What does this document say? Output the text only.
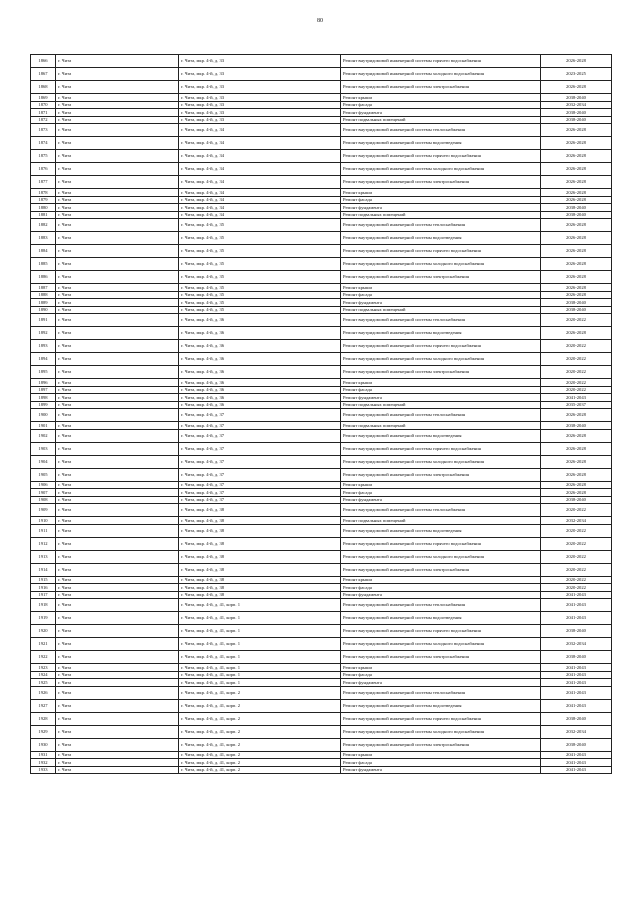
80
1866	г. Чита	г. Чита, мкр. 4-й, д. 33	Ремонт внутридомовой инженерной системы горячего водоснабжения	2026-2028
1867	г. Чита	г. Чита, мкр. 4-й, д. 33	Ремонт внутридомовой инженерной системы холодного водоснабжения	2023-2025
1868	г. Чита	г. Чита, мкр. 4-й, д. 33	Ремонт внутридомовой инженерной системы электроснабжения	2026-2028
1869	г. Чита	г. Чита, мкр. 4-й, д. 33	Ремонт крыши	2038-2040
1870	г. Чита	г. Чита, мкр. 4-й, д. 33	Ремонт фасада	2032-2034
1871	г. Чита	г. Чита, мкр. 4-й, д. 33	Ремонт фундамента	2038-2040
1872	г. Чита	г. Чита, мкр. 4-й, д. 33	Ремонт подвальных помещений	2038-2040
1873	г. Чита	г. Чита, мкр. 4-й, д. 34	Ремонт внутридомовой инженерной системы теплоснабжения	2026-2028
1874	г. Чита	г. Чита, мкр. 4-й, д. 34	Ремонт внутридомовой инженерной системы водоотведения	2026-2028
1875	г. Чита	г. Чита, мкр. 4-й, д. 34	Ремонт внутридомовой инженерной системы горячего водоснабжения	2026-2028
1876	г. Чита	г. Чита, мкр. 4-й, д. 34	Ремонт внутридомовой инженерной системы холодного водоснабжения	2026-2028
1877	г. Чита	г. Чита, мкр. 4-й, д. 34	Ремонт внутридомовой инженерной системы электроснабжения	2026-2028
1878	г. Чита	г. Чита, мкр. 4-й, д. 34	Ремонт крыши	2026-2028
1879	г. Чита	г. Чита, мкр. 4-й, д. 34	Ремонт фасада	2026-2028
1880	г. Чита	г. Чита, мкр. 4-й, д. 34	Ремонт фундамента	2038-2040
1881	г. Чита	г. Чита, мкр. 4-й, д. 34	Ремонт подвальных помещений	2038-2040
1882	г. Чита	г. Чита, мкр. 4-й, д. 35	Ремонт внутридомовой инженерной системы теплоснабжения	2026-2028
1883	г. Чита	г. Чита, мкр. 4-й, д. 35	Ремонт внутридомовой инженерной системы водоотведения	2026-2028
1884	г. Чита	г. Чита, мкр. 4-й, д. 35	Ремонт внутридомовой инженерной системы горячего водоснабжения	2026-2028
1885	г. Чита	г. Чита, мкр. 4-й, д. 35	Ремонт внутридомовой инженерной системы холодного водоснабжения	2026-2028
1886	г. Чита	г. Чита, мкр. 4-й, д. 35	Ремонт внутридомовой инженерной системы электроснабжения	2026-2028
1887	г. Чита	г. Чита, мкр. 4-й, д. 35	Ремонт крыши	2026-2028
1888	г. Чита	г. Чита, мкр. 4-й, д. 35	Ремонт фасада	2026-2028
1889	г. Чита	г. Чита, мкр. 4-й, д. 35	Ремонт фундамента	2038-2040
1890	г. Чита	г. Чита, мкр. 4-й, д. 35	Ремонт подвальных помещений	2038-2040
1891	г. Чита	г. Чита, мкр. 4-й, д. 36	Ремонт внутридомовой инженерной системы теплоснабжения	2020-2022
1892	г. Чита	г. Чита, мкр. 4-й, д. 36	Ремонт внутридомовой инженерной системы водоотведения	2026-2028
1893	г. Чита	г. Чита, мкр. 4-й, д. 36	Ремонт внутридомовой инженерной системы горячего водоснабжения	2020-2022
1894	г. Чита	г. Чита, мкр. 4-й, д. 36	Ремонт внутридомовой инженерной системы холодного водоснабжения	2020-2022
1895	г. Чита	г. Чита, мкр. 4-й, д. 36	Ремонт внутридомовой инженерной системы электроснабжения	2020-2022
1896	г. Чита	г. Чита, мкр. 4-й, д. 36	Ремонт крыши	2020-2022
1897	г. Чита	г. Чита, мкр. 4-й, д. 36	Ремонт фасада	2020-2022
1898	г. Чита	г. Чита, мкр. 4-й, д. 36	Ремонт фундамента	2041-2043
1899	г. Чита	г. Чита, мкр. 4-й, д. 36	Ремонт подвальных помещений	2035-2037
1900	г. Чита	г. Чита, мкр. 4-й, д. 37	Ремонт внутридомовой инженерной системы теплоснабжения	2026-2028
1901	г. Чита	г. Чита, мкр. 4-й, д. 37	Ремонт подвальных помещений	2038-2040
1902	г. Чита	г. Чита, мкр. 4-й, д. 37	Ремонт внутридомовой инженерной системы водоотведения	2026-2028
1903	г. Чита	г. Чита, мкр. 4-й, д. 37	Ремонт внутридомовой инженерной системы горячего водоснабжения	2026-2028
1904	г. Чита	г. Чита, мкр. 4-й, д. 37	Ремонт внутридомовой инженерной системы холодного водоснабжения	2026-2028
1905	г. Чита	г. Чита, мкр. 4-й, д. 37	Ремонт внутридомовой инженерной системы электроснабжения	2026-2028
1906	г. Чита	г. Чита, мкр. 4-й, д. 37	Ремонт крыши	2026-2028
1907	г. Чита	г. Чита, мкр. 4-й, д. 37	Ремонт фасада	2026-2028
1908	г. Чита	г. Чита, мкр. 4-й, д. 37	Ремонт фундамента	2038-2040
1909	г. Чита	г. Чита, мкр. 4-й, д. 38	Ремонт внутридомовой инженерной системы теплоснабжения	2020-2022
1910	г. Чита	г. Чита, мкр. 4-й, д. 38	Ремонт подвальных помещений	2032-2034
1911	г. Чита	г. Чита, мкр. 4-й, д. 38	Ремонт внутридомовой инженерной системы водоотведения	2020-2022
1912	г. Чита	г. Чита, мкр. 4-й, д. 38	Ремонт внутридомовой инженерной системы горячего водоснабжения	2020-2022
1913	г. Чита	г. Чита, мкр. 4-й, д. 38	Ремонт внутридомовой инженерной системы холодного водоснабжения	2020-2022
1914	г. Чита	г. Чита, мкр. 4-й, д. 38	Ремонт внутридомовой инженерной системы электроснабжения	2020-2022
1915	г. Чита	г. Чита, мкр. 4-й, д. 38	Ремонт крыши	2020-2022
1916	г. Чита	г. Чита, мкр. 4-й, д. 38	Ремонт фасада	2020-2022
1917	г. Чита	г. Чита, мкр. 4-й, д. 38	Ремонт фундамента	2041-2043
1918	г. Чита	г. Чита, мкр. 4-й, д. 41, корп. 1	Ремонт внутридомовой инженерной системы теплоснабжения	2041-2043
1919	г. Чита	г. Чита, мкр. 4-й, д. 41, корп. 1	Ремонт внутридомовой инженерной системы водоотведения	2041-2043
1920	г. Чита	г. Чита, мкр. 4-й, д. 41, корп. 1	Ремонт внутридомовой инженерной системы горячего водоснабжения	2038-2040
1921	г. Чита	г. Чита, мкр. 4-й, д. 41, корп. 1	Ремонт внутридомовой инженерной системы холодного водоснабжения	2032-2034
1922	г. Чита	г. Чита, мкр. 4-й, д. 41, корп. 1	Ремонт внутридомовой инженерной системы электроснабжения	2038-2040
1923	г. Чита	г. Чита, мкр. 4-й, д. 41, корп. 1	Ремонт крыши	2041-2043
1924	г. Чита	г. Чита, мкр. 4-й, д. 41, корп. 1	Ремонт фасада	2041-2043
1925	г. Чита	г. Чита, мкр. 4-й, д. 41, корп. 1	Ремонт фундамента	2041-2043
1926	г. Чита	г. Чита, мкр. 4-й, д. 41, корп. 2	Ремонт внутридомовой инженерной системы теплоснабжения	2041-2043
1927	г. Чита	г. Чита, мкр. 4-й, д. 41, корп. 2	Ремонт внутридомовой инженерной системы водоотведения	2041-2043
1928	г. Чита	г. Чита, мкр. 4-й, д. 41, корп. 2	Ремонт внутридомовой инженерной системы горячего водоснабжения	2038-2040
1929	г. Чита	г. Чита, мкр. 4-й, д. 41, корп. 2	Ремонт внутридомовой инженерной системы холодного водоснабжения	2032-2034
1930	г. Чита	г. Чита, мкр. 4-й, д. 41, корп. 2	Ремонт внутридомовой инженерной системы электроснабжения	2038-2040
1931	г. Чита	г. Чита, мкр. 4-й, д. 41, корп. 2	Ремонт крыши	2041-2043
1932	г. Чита	г. Чита, мкр. 4-й, д. 41, корп. 2	Ремонт фасада	2041-2043
1933	г. Чита	г. Чита, мкр. 4-й, д. 41, корп. 2	Ремонт фундамента	2041-2043
